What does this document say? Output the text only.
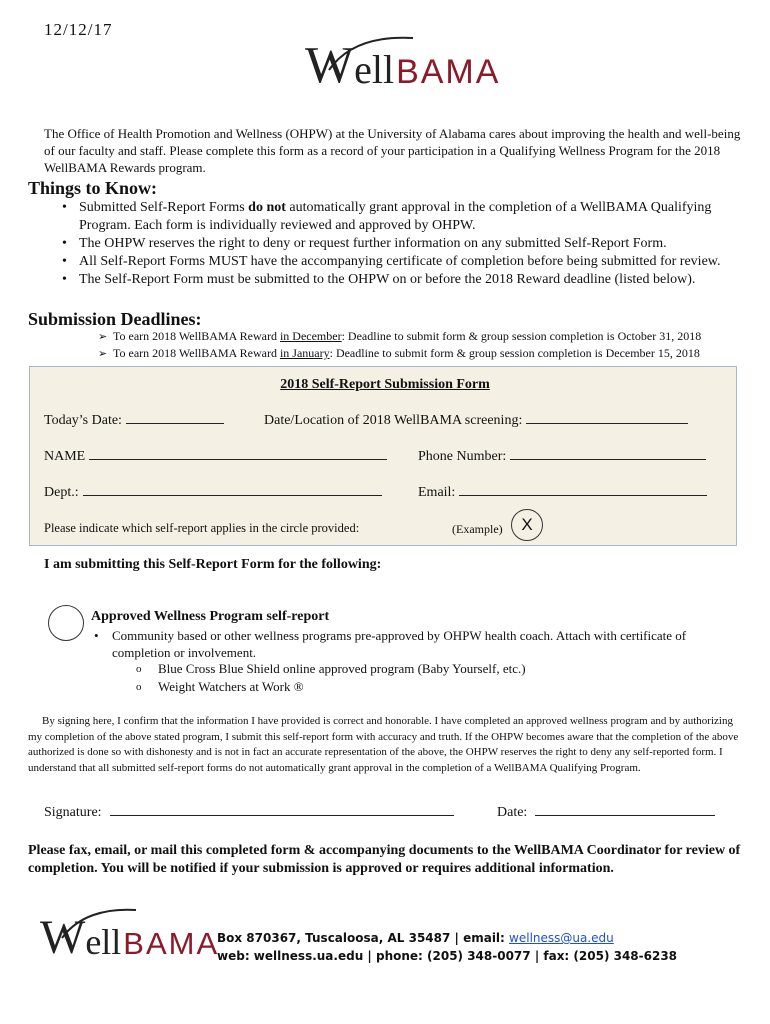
12/12/17
W ell BAMA
The Office of Health Promotion and Wellness (OHPW) at the University of Alabama cares about improving the health and well-being of our faculty and staff. Please complete this form as a record of your participation in a Qualifying Wellness Program for the 2018 WellBAMA Rewards program.
Things to Know:
• Submitted Self-Report Forms do not automatically grant approval in the completion of a WellBAMA Qualifying Program. Each form is individually reviewed and approved by OHPW.
• The OHPW reserves the right to deny or request further information on any submitted Self-Report Form.
• All Self-Report Forms MUST have the accompanying certificate of completion before being submitted for review.
• The Self-Report Form must be submitted to the OHPW on or before the 2018 Reward deadline (listed below).
Submission Deadlines:
➢ To earn 2018 WellBAMA Reward in December: Deadline to submit form & group session completion is October 31, 2018
➢ To earn 2018 WellBAMA Reward in January: Deadline to submit form & group session completion is December 15, 2018
2018 Self-Report Submission Form
Today’s Date:	Date/Location of 2018 WellBAMA screening:
NAME	Phone Number:
Dept.:	Email:
Please indicate which self-report applies in the circle provided:	(Example)	X
I am submitting this Self-Report Form for the following:
Approved Wellness Program self-report
• Community based or other wellness programs pre-approved by OHPW health coach. Attach with certificate of completion or involvement.
o Blue Cross Blue Shield online approved program (Baby Yourself, etc.)
o Weight Watchers at Work ®
By signing here, I confirm that the information I have provided is correct and honorable. I have completed an approved wellness program and by authorizing my completion of the above stated program, I submit this self-report form with accuracy and truth. If the OHPW becomes aware that the completion of the above authorized is done so with dishonesty and is not in fact an accurate representation of the above, the OHPW reserves the right to deny any self-reported form. I understand that all submitted self-report forms do not automatically grant approval in the completion of a WellBAMA Qualifying Program.
Signature:	Date:
Please fax, email, or mail this completed form & accompanying documents to the WellBAMA Coordinator for review of completion. You will be notified if your submission is approved or requires additional information.
W ell BAMA
Box 870367, Tuscaloosa, AL 35487 | email: wellness@ua.edu
web: wellness.ua.edu | phone: (205) 348-0077 | fax: (205) 348-6238
